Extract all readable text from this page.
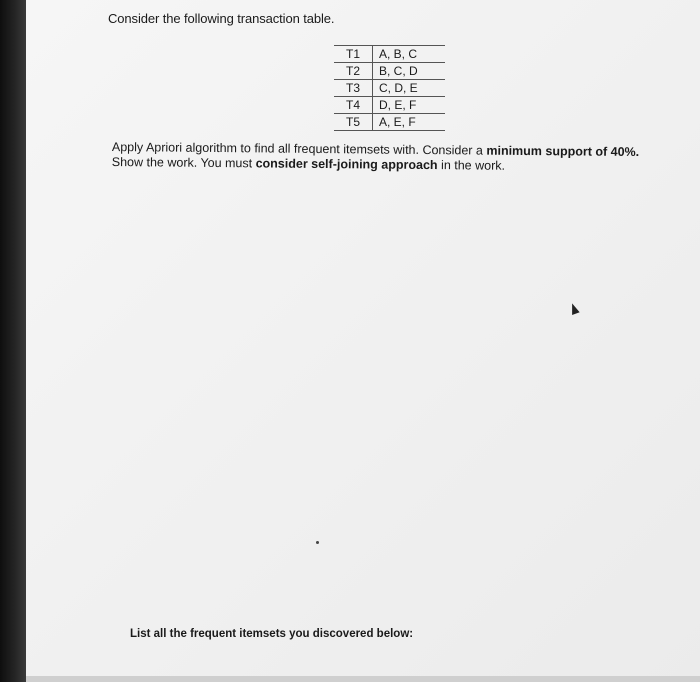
Consider the following transaction table.
T1	A, B, C
T2	B, C, D
T3	C, D, E
T4	D, E, F
T5	A, E, F
Apply Apriori algorithm to find all frequent itemsets with. Consider a minimum support of 40%.
Show the work. You must consider self-joining approach in the work.
List all the frequent itemsets you discovered below:
